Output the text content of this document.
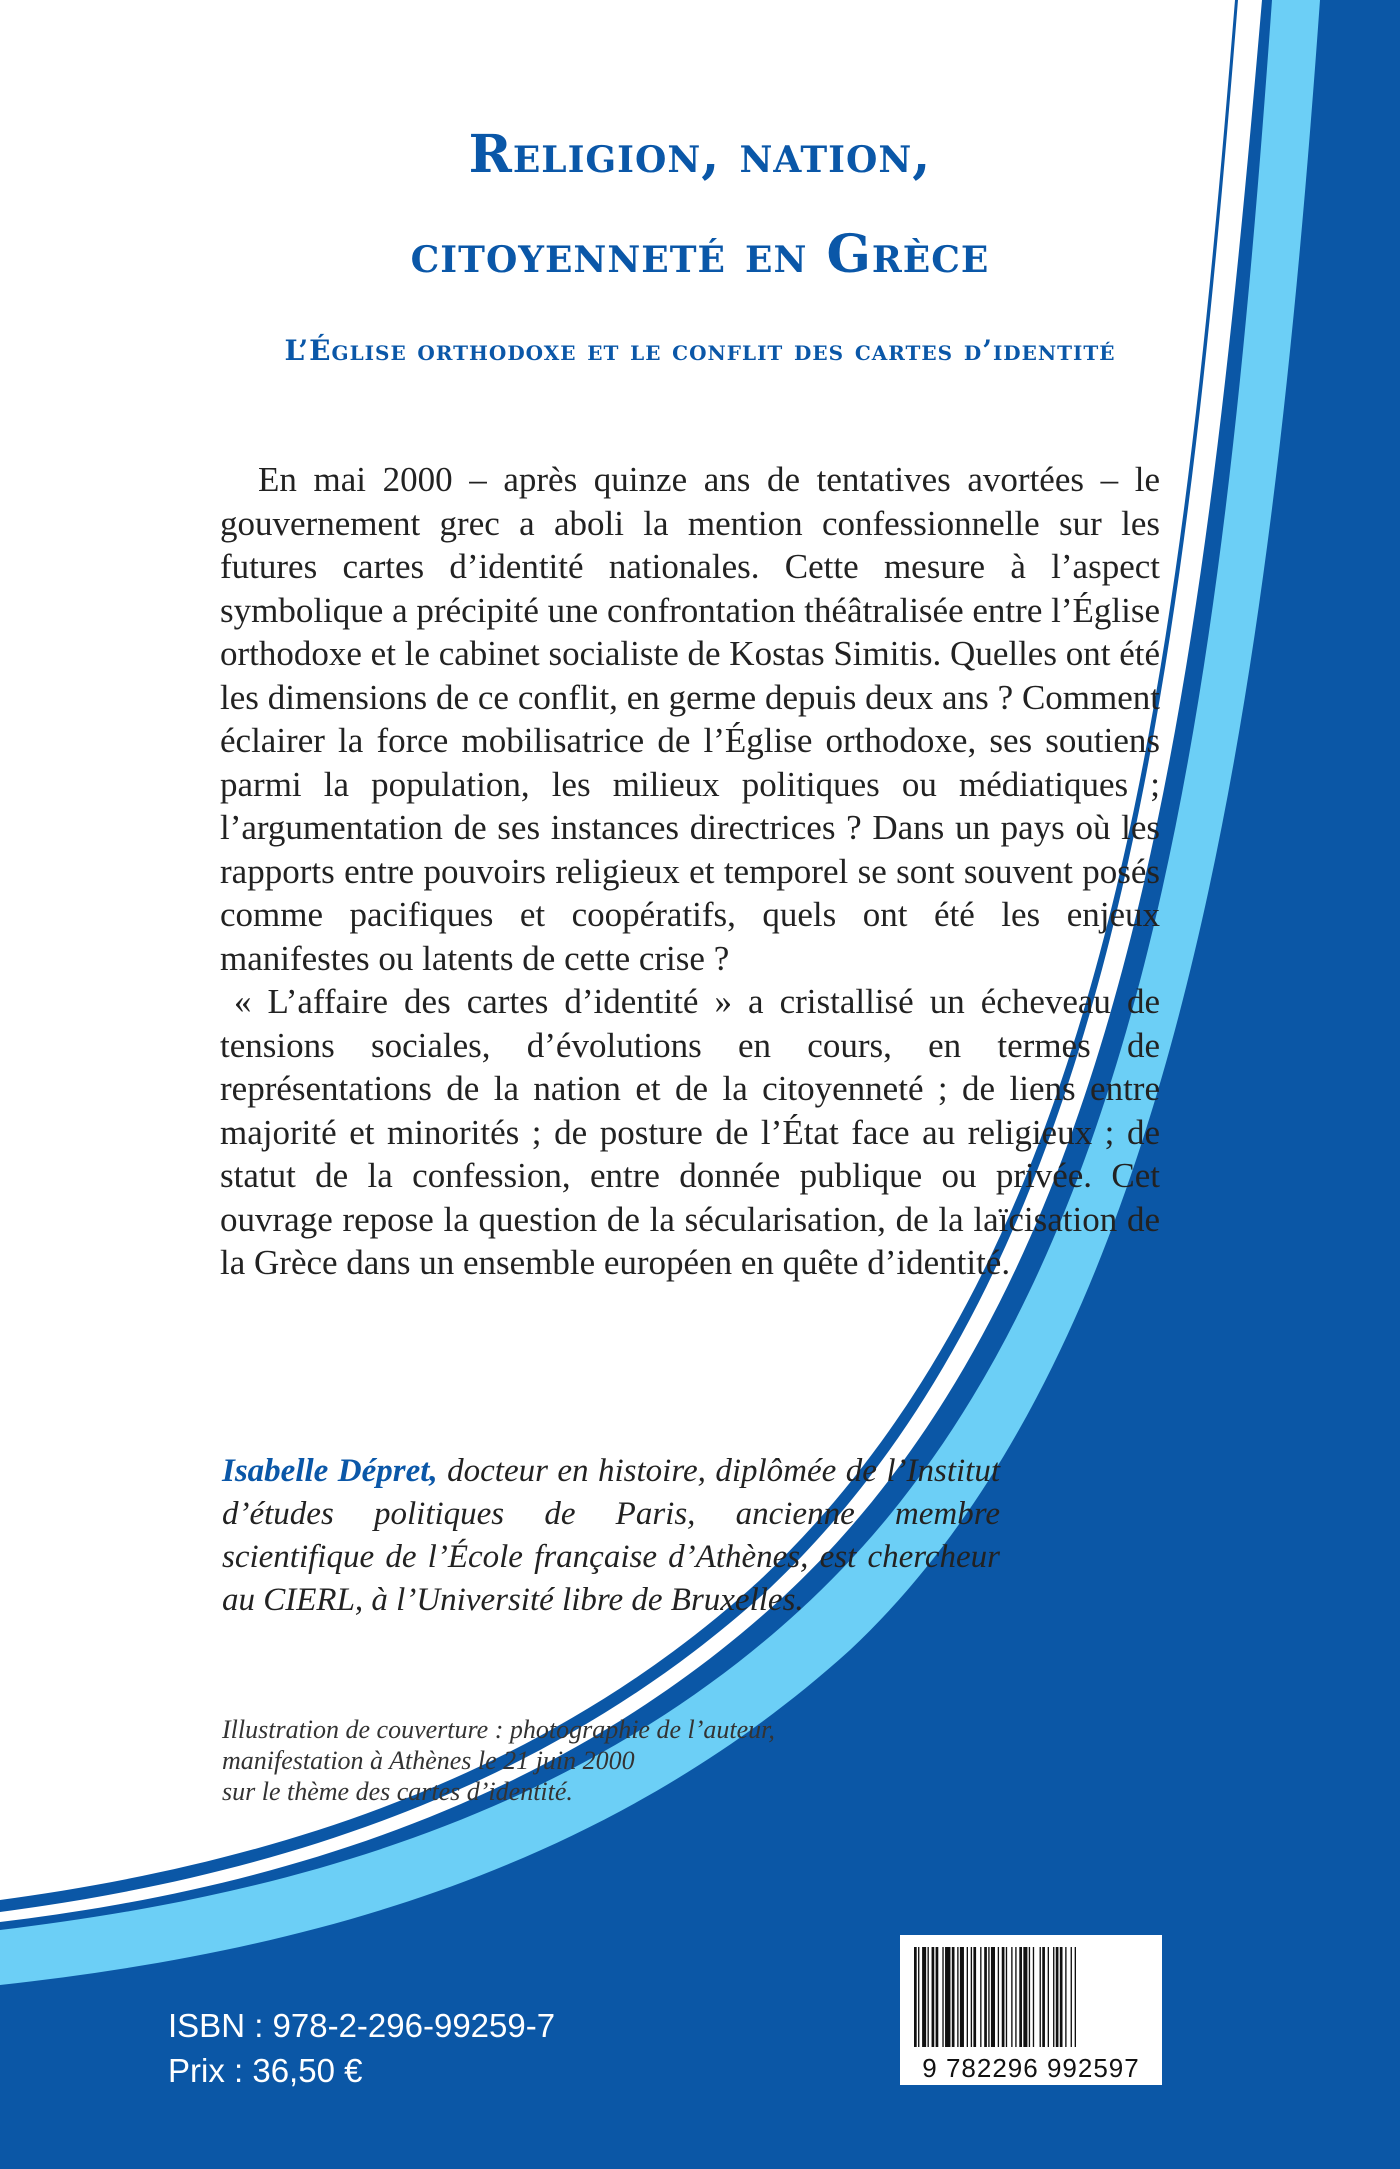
Religion, nation,
citoyenneté en Grèce
L’Église orthodoxe et le conflit des cartes d’identité

En mai 2000 – après quinze ans de tentatives avortées – le gouvernement grec a aboli la mention confessionnelle sur les futures cartes d’identité nationales. Cette mesure à l’aspect symbolique a précipité une confrontation théâtralisée entre l’Église orthodoxe et le cabinet socialiste de Kostas Simitis. Quelles ont été les dimensions de ce conflit, en germe depuis deux ans ? Comment éclairer la force mobilisatrice de l’Église orthodoxe, ses soutiens parmi la population, les milieux politiques ou médiatiques ; l’argumentation de ses instances directrices ? Dans un pays où les rapports entre pouvoirs religieux et temporel se sont souvent posés comme pacifiques et coopératifs, quels ont été les enjeux manifestes ou latents de cette crise ?

« L’affaire des cartes d’identité » a cristallisé un écheveau de tensions sociales, d’évolutions en cours, en termes de représentations de la nation et de la citoyenneté ; de liens entre majorité et minorités ; de posture de l’État face au religieux ; de statut de la confession, entre donnée publique ou privée. Cet ouvrage repose la question de la sécularisation, de la laïcisation de la Grèce dans un ensemble européen en quête d’identité.

Isabelle Dépret, docteur en histoire, diplômée de l’Institut d’études politiques de Paris, ancienne membre scientifique de l’École française d’Athènes, est chercheur au CIERL, à l’Université libre de Bruxelles.
Illustration de couverture : photographie de l’auteur,
manifestation à Athènes le 21 juin 2000
sur le thème des cartes d’identité.
ISBN : 978-2-296-99259-7
Prix : 36,50 €	9 782296 992597
